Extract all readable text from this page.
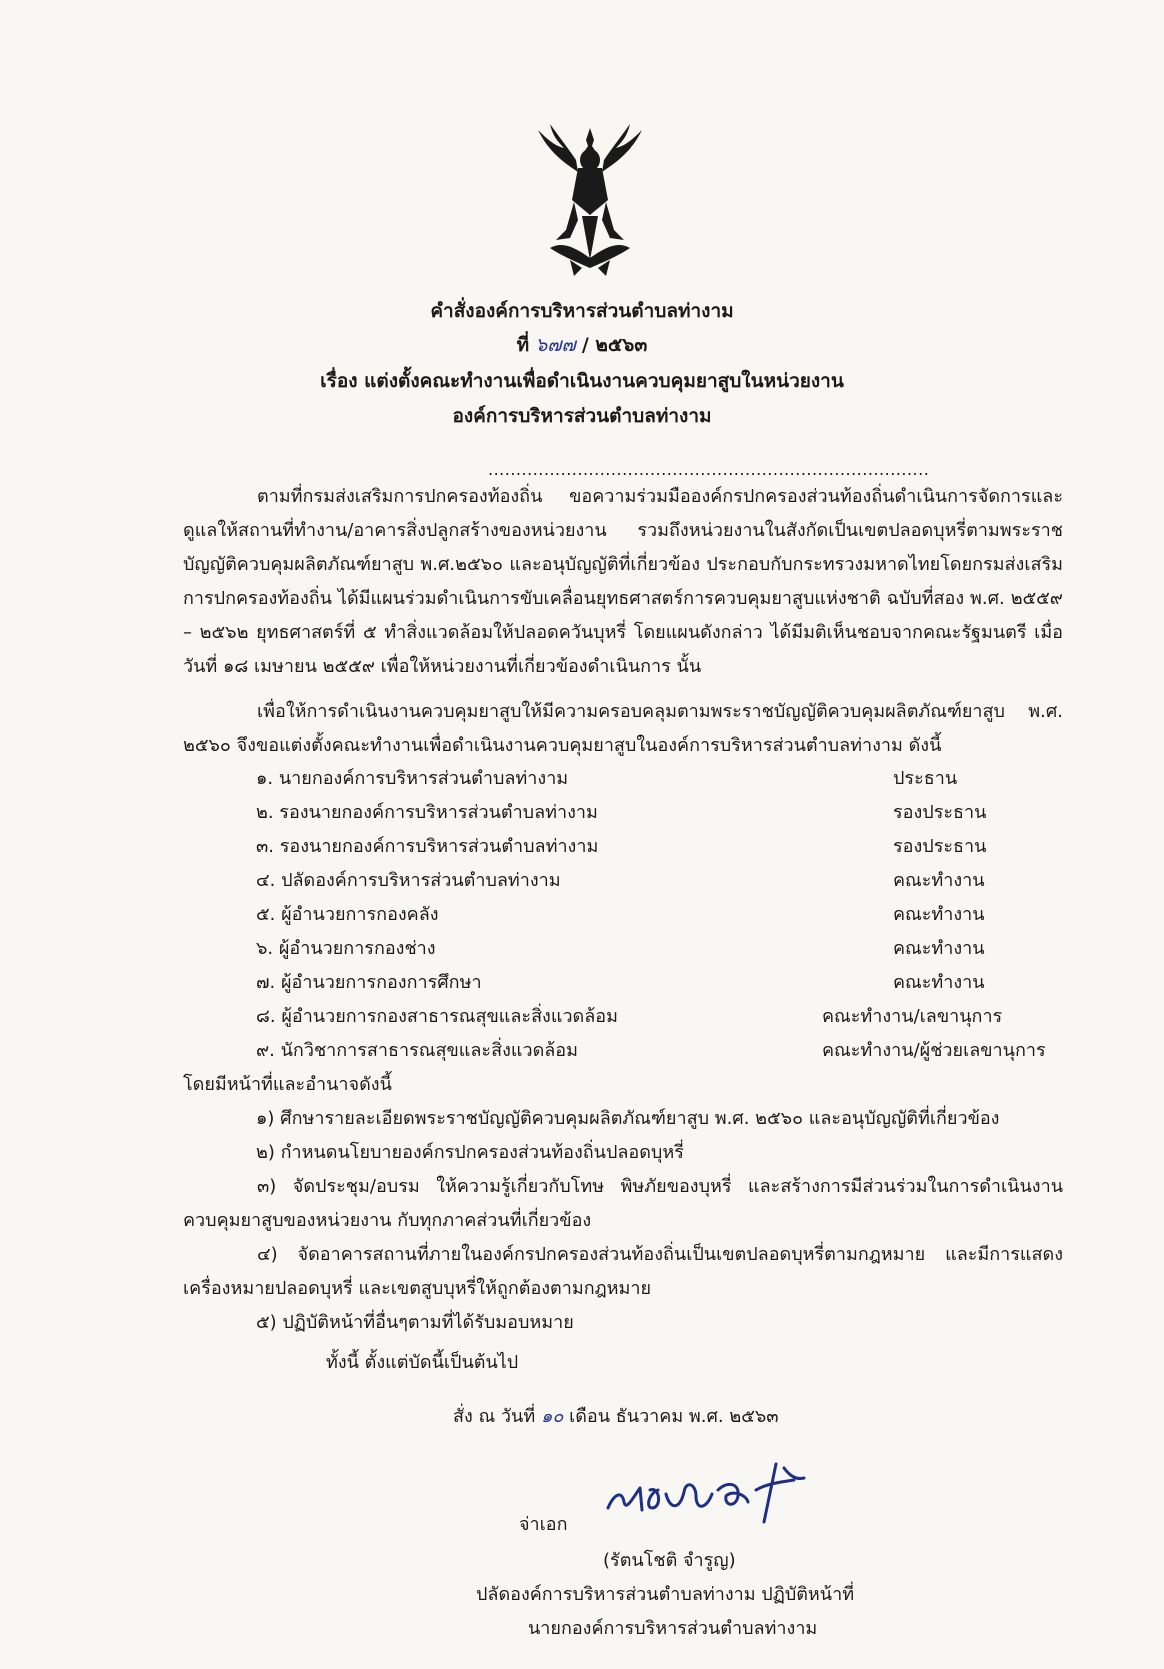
คำสั่งองค์การบริหารส่วนตำบลท่างาม
ที่ ๖๗๗ / ๒๕๖๓
เรื่อง แต่งตั้งคณะทำงานเพื่อดำเนินงานควบคุมยาสูบในหน่วยงาน
องค์การบริหารส่วนตำบลท่างาม
...............................................................................
ตามที่กรมส่งเสริมการปกครองท้องถิ่น ขอความร่วมมือองค์กรปกครองส่วนท้องถิ่นดำเนินการจัดการและดูแลให้สถานที่ทำงาน/อาคารสิ่งปลูกสร้างของหน่วยงาน รวมถึงหน่วยงานในสังกัดเป็นเขตปลอดบุหรี่ตามพระราชบัญญัติควบคุมผลิตภัณฑ์ยาสูบ พ.ศ.๒๕๖๐ และอนุบัญญัติที่เกี่ยวข้อง ประกอบกับกระทรวงมหาดไทยโดยกรมส่งเสริมการปกครองท้องถิ่น ได้มีแผนร่วมดำเนินการขับเคลื่อนยุทธศาสตร์การควบคุมยาสูบแห่งชาติ ฉบับที่สอง พ.ศ. ๒๕๕๙ – ๒๕๖๒ ยุทธศาสตร์ที่ ๕ ทำสิ่งแวดล้อมให้ปลอดควันบุหรี่ โดยแผนดังกล่าว ได้มีมติเห็นชอบจากคณะรัฐมนตรี เมื่อวันที่ ๑๘ เมษายน ๒๕๕๙ เพื่อให้หน่วยงานที่เกี่ยวข้องดำเนินการ นั้น
เพื่อให้การดำเนินงานควบคุมยาสูบให้มีความครอบคลุมตามพระราชบัญญัติควบคุมผลิตภัณฑ์ยาสูบ พ.ศ. ๒๕๖๐ จึงขอแต่งตั้งคณะทำงานเพื่อดำเนินงานควบคุมยาสูบในองค์การบริหารส่วนตำบลท่างาม ดังนี้
๑. นายกองค์การบริหารส่วนตำบลท่างาม	ประธาน
๒. รองนายกองค์การบริหารส่วนตำบลท่างาม	รองประธาน
๓. รองนายกองค์การบริหารส่วนตำบลท่างาม	รองประธาน
๔. ปลัดองค์การบริหารส่วนตำบลท่างาม	คณะทำงาน
๕. ผู้อำนวยการกองคลัง	คณะทำงาน
๖. ผู้อำนวยการกองช่าง	คณะทำงาน
๗. ผู้อำนวยการกองการศึกษา	คณะทำงาน
๘. ผู้อำนวยการกองสาธารณสุขและสิ่งแวดล้อม	คณะทำงาน/เลขานุการ
๙. นักวิชาการสาธารณสุขและสิ่งแวดล้อม	คณะทำงาน/ผู้ช่วยเลขานุการ
โดยมีหน้าที่และอำนาจดังนี้
๑) ศึกษารายละเอียดพระราชบัญญัติควบคุมผลิตภัณฑ์ยาสูบ พ.ศ. ๒๕๖๐ และอนุบัญญัติที่เกี่ยวข้อง
๒) กำหนดนโยบายองค์กรปกครองส่วนท้องถิ่นปลอดบุหรี่
๓) จัดประชุม/อบรม ให้ความรู้เกี่ยวกับโทษ พิษภัยของบุหรี่ และสร้างการมีส่วนร่วมในการดำเนินงานควบคุมยาสูบของหน่วยงาน กับทุกภาคส่วนที่เกี่ยวข้อง
๔) จัดอาคารสถานที่ภายในองค์กรปกครองส่วนท้องถิ่นเป็นเขตปลอดบุหรี่ตามกฎหมาย และมีการแสดงเครื่องหมายปลอดบุหรี่ และเขตสูบบุหรี่ให้ถูกต้องตามกฎหมาย
๕) ปฏิบัติหน้าที่อื่นๆตามที่ได้รับมอบหมาย
ทั้งนี้ ตั้งแต่บัดนี้เป็นต้นไป
สั่ง ณ วันที่ ๑๐ เดือน ธันวาคม พ.ศ. ๒๕๖๓
จ่าเอก
(รัตนโชติ จำรูญ)
ปลัดองค์การบริหารส่วนตำบลท่างาม ปฏิบัติหน้าที่
นายกองค์การบริหารส่วนตำบลท่างาม
